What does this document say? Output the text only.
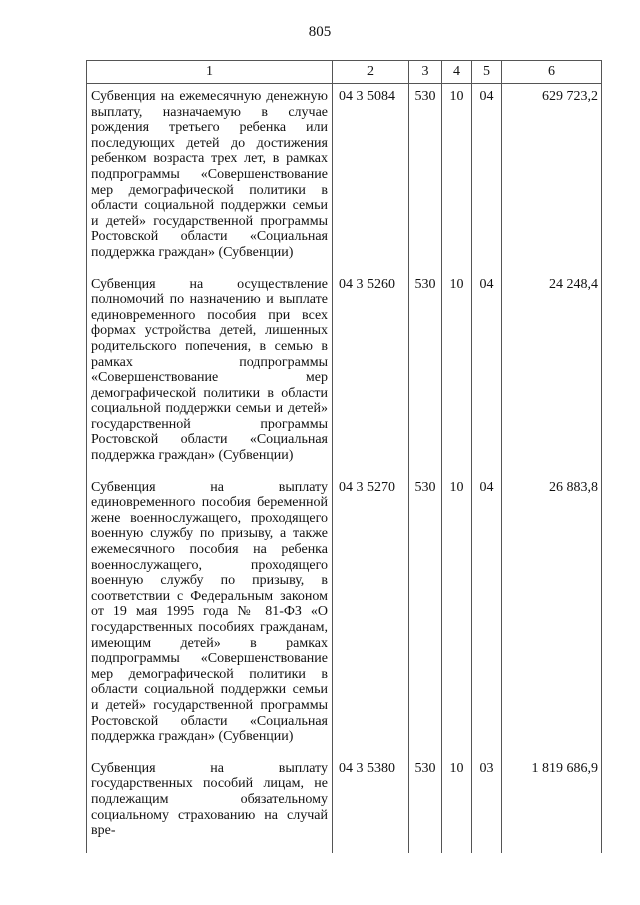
805
1	2	3	4	5	6
Субвенция на ежемесячную денежную выплату, назначаемую в случае рождения третьего ребенка или последующих детей до достижения ребенком возраста трех лет, в рамках подпрограммы «Совершенствование мер демографической политики в области социальной поддержки семьи и детей» государственной программы Ростовской области «Социальная поддержка граждан» (Субвенции)	04 3 5084	530	10	04	629 723,2
Субвенция на осуществление полномочий по назначению и выплате единовременного пособия при всех формах устройства детей, лишенных родительского попечения, в семью в рамках подпрограммы «Совершенствование мер демографической политики в области социальной поддержки семьи и детей» государственной программы Ростовской области «Социальная поддержка граждан» (Субвенции)	04 3 5260	530	10	04	24 248,4
Субвенция на выплату единовременного пособия беременной жене военнослужащего, проходящего военную службу по призыву, а также ежемесячного пособия на ребенка военнослужащего, проходящего военную службу по призыву, в соответствии с Федеральным законом от 19 мая 1995 года № 81-ФЗ «О государственных пособиях гражданам, имеющим детей» в рамках подпрограммы «Совершенствование мер демографической политики в области социальной поддержки семьи и детей» государственной программы Ростовской области «Социальная поддержка граждан» (Субвенции)	04 3 5270	530	10	04	26 883,8
Субвенция на выплату государственных пособий лицам, не подлежащим обязательному социальному страхованию на случай вре-	04 3 5380	530	10	03	1 819 686,9
